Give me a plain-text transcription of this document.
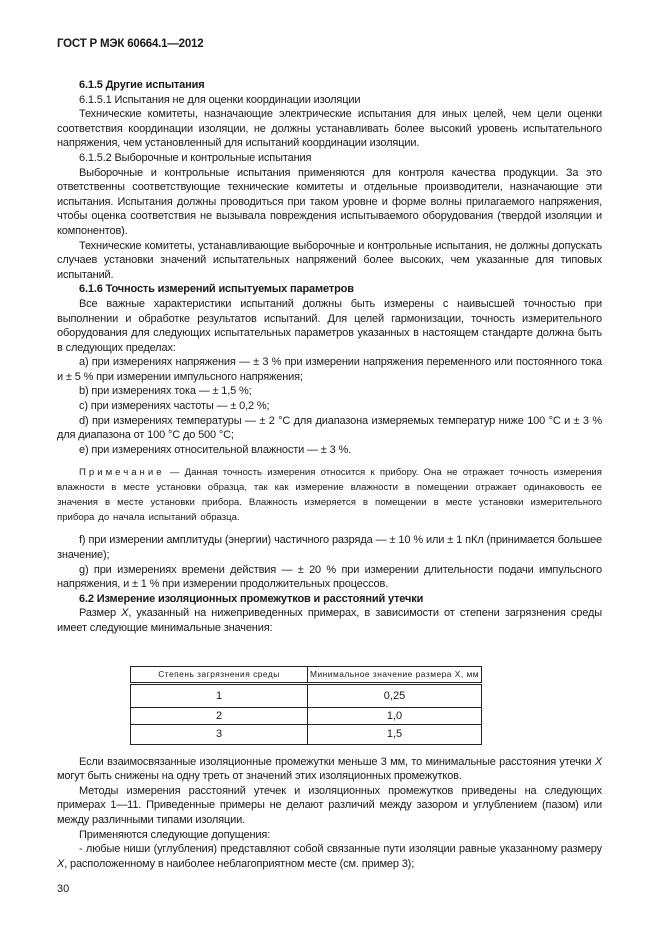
ГОСТ Р МЭК 60664.1—2012

6.1.5 Другие испытания

6.1.5.1 Испытания не для оценки координации изоляции

Технические комитеты, назначающие электрические испытания для иных целей, чем цели оценки соответствия координации изоляции, не должны устанавливать более высокий уровень испытательного напряжения, чем установленный для испытаний координации изоляции.

6.1.5.2 Выборочные и контрольные испытания

Выборочные и контрольные испытания применяются для контроля качества продукции. За это ответственны соответствующие технические комитеты и отдельные производители, назначающие эти испытания. Испытания должны проводиться при таком уровне и форме волны прилагаемого напряжения, чтобы оценка соответствия не вызывала повреждения испытываемого оборудования (твердой изоляции и компонентов).

Технические комитеты, устанавливающие выборочные и контрольные испытания, не должны допускать случаев установки значений испытательных напряжений более высоких, чем указанные для типовых испытаний.

6.1.6 Точность измерений испытуемых параметров

Все важные характеристики испытаний должны быть измерены с наивысшей точностью при выполнении и обработке результатов испытаний. Для целей гармонизации, точность измерительного оборудования для следующих испытательных параметров указанных в настоящем стандарте должна быть в следующих пределах:

a) при измерениях напряжения — ± 3 % при измерении напряжения переменного или постоянного тока и ± 5 % при измерении импульсного напряжения;

b) при измерениях тока — ± 1,5 %;

c) при измерениях частоты — ± 0,2 %;

d) при измерениях температуры — ± 2 °С для диапазона измеряемых температур ниже 100 °С и ± 3 % для диапазона от 100 °С до 500 °С;

e) при измерениях относительной влажности — ± 3 %.

Примечание — Данная точность измерения относится к прибору. Она не отражает точность измерения влажности в месте установки образца, так как измерение влажности в помещении отражает одинаковость ее значения в месте установки прибора. Влажность измеряется в помещении в месте установки измерительного прибора до начала испытаний образца.

f) при измерении амплитуды (энергии) частичного разряда — ± 10 % или ± 1 пКл (принимается большее значение);

g) при измерениях времени действия — ± 20 % при измерении длительности подачи импульсного напряжения, и ± 1 % при измерении продолжительных процессов.

6.2 Измерение изоляционных промежутков и расстояний утечки

Размер X, указанный на нижеприведенных примерах, в зависимости от степени загрязнения среды имеет следующие минимальные значения:

Степень загрязнения среды	Минимальное значение размера X, мм
1	0,25
2	1,0
3	1,5

Если взаимосвязанные изоляционные промежутки меньше 3 мм, то минимальные расстояния утечки X могут быть снижены на одну треть от значений этих изоляционных промежутков.

Методы измерения расстояний утечек и изоляционных промежутков приведены на следующих примерах 1—11. Приведенные примеры не делают различий между зазором и углублением (пазом) или между различными типами изоляции.

Применяются следующие допущения:

- любые ниши (углубления) представляют собой связанные пути изоляции равные указанному размеру X, расположенному в наиболее неблагоприятном месте (см. пример 3);

30
